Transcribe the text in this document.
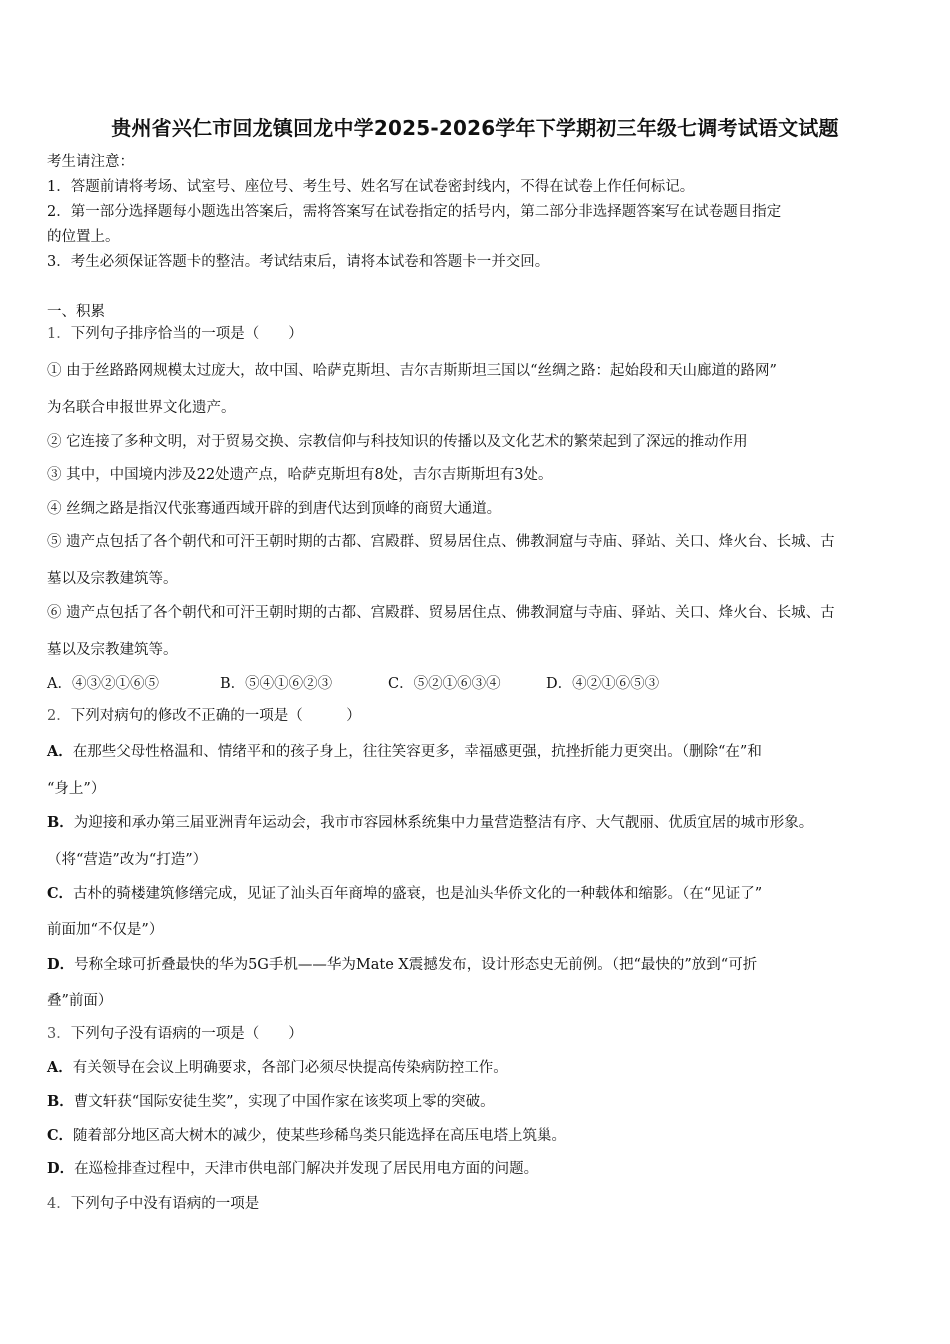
贵州省兴仁市回龙镇回龙中学2025-2026学年下学期初三年级七调考试语文试题
考生请注意：
1．答题前请将考场、试室号、座位号、考生号、姓名写在试卷密封线内，不得在试卷上作任何标记。
2．第一部分选择题每小题选出答案后，需将答案写在试卷指定的括号内，第二部分非选择题答案写在试卷题目指定
的位置上。
3．考生必须保证答题卡的整洁。考试结束后，请将本试卷和答题卡一并交回。
一、积累
1．下列句子排序恰当的一项是（　　）
① 由于丝路路网规模太过庞大，故中国、哈萨克斯坦、吉尔吉斯斯坦三国以“丝绸之路：起始段和天山廊道的路网”
为名联合申报世界文化遗产。
② 它连接了多种文明，对于贸易交换、宗教信仰与科技知识的传播以及文化艺术的繁荣起到了深远的推动作用
③ 其中，中国境内涉及22处遗产点，哈萨克斯坦有8处，吉尔吉斯斯坦有3处。
④ 丝绸之路是指汉代张骞通西域开辟的到唐代达到顶峰的商贸大通道。
⑤ 遗产点包括了各个朝代和可汗王朝时期的古都、宫殿群、贸易居住点、佛教洞窟与寺庙、驿站、关口、烽火台、长城、古
墓以及宗教建筑等。
⑥ 遗产点包括了各个朝代和可汗王朝时期的古都、宫殿群、贸易居住点、佛教洞窟与寺庙、驿站、关口、烽火台、长城、古
墓以及宗教建筑等。
A．④③②①⑥⑤	B．⑤④①⑥②③	C．⑤②①⑥③④	D．④②①⑥⑤③
2．下列对病句的修改不正确的一项是（　　　）
A．在那些父母性格温和、情绪平和的孩子身上，往往笑容更多，幸福感更强，抗挫折能力更突出。（删除“在”和
“身上”）
B．为迎接和承办第三届亚洲青年运动会，我市市容园林系统集中力量营造整洁有序、大气靓丽、优质宜居的城市形象。
（将“营造”改为“打造”）
C．古朴的骑楼建筑修缮完成，见证了汕头百年商埠的盛衰，也是汕头华侨文化的一种载体和缩影。（在“见证了”
前面加“不仅是”）
D．号称全球可折叠最快的华为5G手机——华为Mate X震撼发布，设计形态史无前例。（把“最快的”放到“可折
叠”前面）
3．下列句子没有语病的一项是（　　）
A．有关领导在会议上明确要求，各部门必须尽快提高传染病防控工作。
B．曹文轩获“国际安徒生奖”，实现了中国作家在该奖项上零的突破。
C．随着部分地区高大树木的减少，使某些珍稀鸟类只能选择在高压电塔上筑巢。
D．在巡检排查过程中，天津市供电部门解决并发现了居民用电方面的问题。
4．下列句子中没有语病的一项是
